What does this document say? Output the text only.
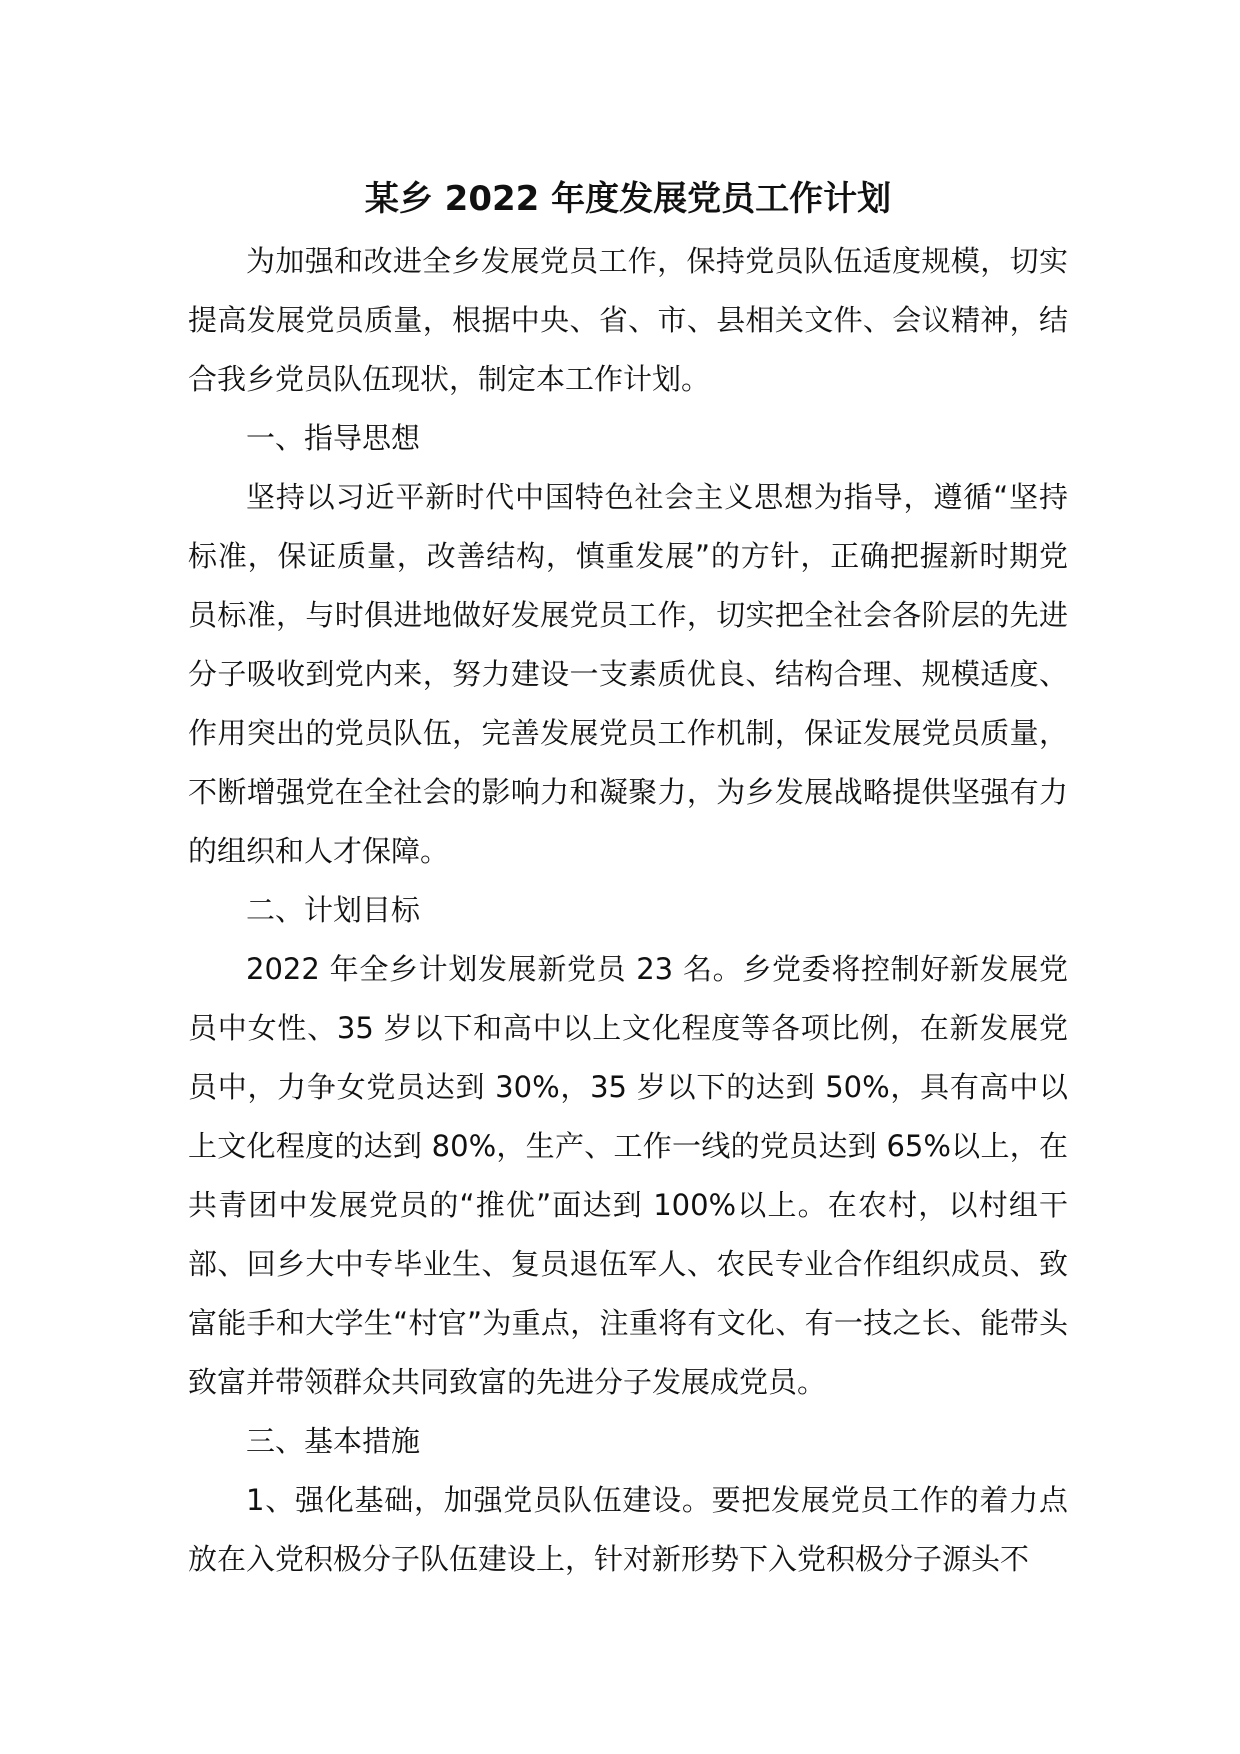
某乡 2022 年度发展党员工作计划

为加强和改进全乡发展党员工作，保持党员队伍适度规模，切实提高发展党员质量，根据中央、省、市、县相关文件、会议精神，结合我乡党员队伍现状，制定本工作计划。

一、指导思想

坚持以习近平新时代中国特色社会主义思想为指导，遵循“坚持标准，保证质量，改善结构，慎重发展”的方针，正确把握新时期党员标准，与时俱进地做好发展党员工作，切实把全社会各阶层的先进分子吸收到党内来，努力建设一支素质优良、结构合理、规模适度、作用突出的党员队伍，完善发展党员工作机制，保证发展党员质量，不断增强党在全社会的影响力和凝聚力，为乡发展战略提供坚强有力的组织和人才保障。

二、计划目标

2022 年全乡计划发展新党员 23 名。乡党委将控制好新发展党员中女性、35 岁以下和高中以上文化程度等各项比例，在新发展党员中，力争女党员达到 30%，35 岁以下的达到 50%，具有高中以上文化程度的达到 80%，生产、工作一线的党员达到 65%以上，在共青团中发展党员的“推优”面达到 100%以上。在农村，以村组干部、回乡大中专毕业生、复员退伍军人、农民专业合作组织成员、致富能手和大学生“村官”为重点，注重将有文化、有一技之长、能带头致富并带领群众共同致富的先进分子发展成党员。

三、基本措施

1、强化基础，加强党员队伍建设。要把发展党员工作的着力点放在入党积极分子队伍建设上，针对新形势下入党积极分子源头不
